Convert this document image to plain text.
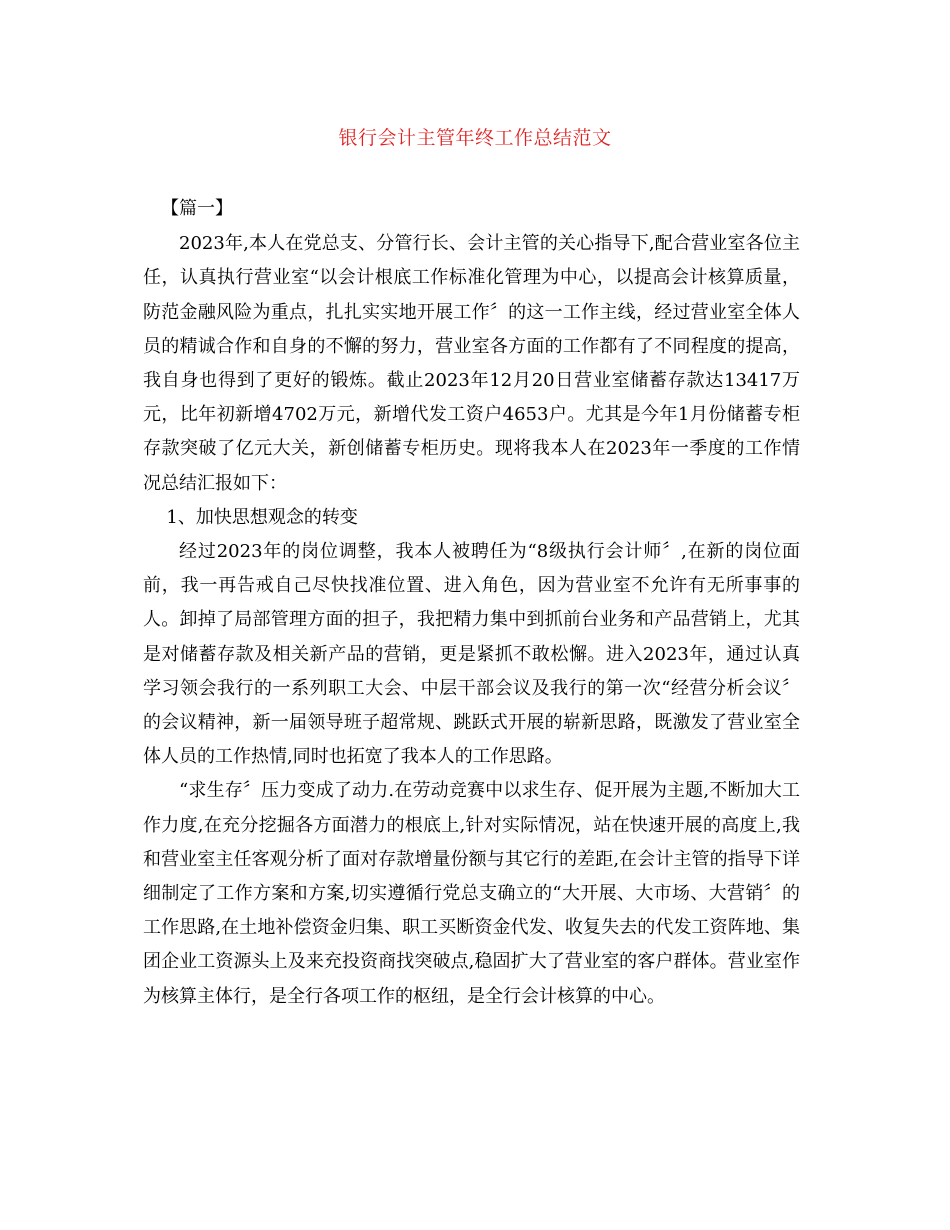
银行会计主管年终工作总结范文

【篇一】

2023年,本人在党总支、分管行长、会计主管的关心指导下,配合营业室各位主任，认真执行营业室“以会计根底工作标准化管理为中心，以提高会计核算质量，防范金融风险为重点，扎扎实实地开展工作〞的这一工作主线，经过营业室全体人员的精诚合作和自身的不懈的努力，营业室各方面的工作都有了不同程度的提高，我自身也得到了更好的锻炼。截止2023年12月20日营业室储蓄存款达13417万元，比年初新增4702万元，新增代发工资户4653户。尤其是今年1月份储蓄专柜存款突破了亿元大关，新创储蓄专柜历史。现将我本人在2023年一季度的工作情况总结汇报如下：

1、加快思想观念的转变

经过2023年的岗位调整，我本人被聘任为“8级执行会计师〞,在新的岗位面前，我一再告戒自己尽快找准位置、进入角色，因为营业室不允许有无所事事的人。卸掉了局部管理方面的担子，我把精力集中到抓前台业务和产品营销上，尤其是对储蓄存款及相关新产品的营销，更是紧抓不敢松懈。进入2023年，通过认真学习领会我行的一系列职工大会、中层干部会议及我行的第一次“经营分析会议〞的会议精神，新一届领导班子超常规、跳跃式开展的崭新思路，既激发了营业室全体人员的工作热情,同时也拓宽了我本人的工作思路。

“求生存〞压力变成了动力.在劳动竞赛中以求生存、促开展为主题,不断加大工作力度,在充分挖掘各方面潜力的根底上,针对实际情况，站在快速开展的高度上,我和营业室主任客观分析了面对存款增量份额与其它行的差距,在会计主管的指导下详细制定了工作方案和方案,切实遵循行党总支确立的“大开展、大市场、大营销〞的工作思路,在土地补偿资金归集、职工买断资金代发、收复失去的代发工资阵地、集团企业工资源头上及来充投资商找突破点,稳固扩大了营业室的客户群体。营业室作为核算主体行，是全行各项工作的枢纽，是全行会计核算的中心。
